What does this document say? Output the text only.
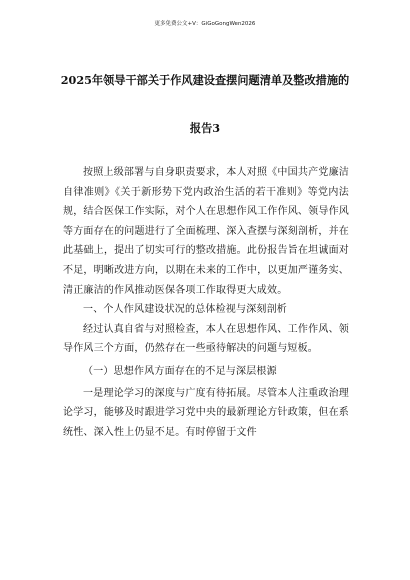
更多免费公文+V：GiGoGongWen2026
2025年领导干部关于作风建设查摆问题清单及整改措施的
报告3

按照上级部署与自身职责要求，本人对照《中国共产党廉洁自律准则》《关于新形势下党内政治生活的若干准则》等党内法规，结合医保工作实际，对个人在思想作风工作作风、领导作风等方面存在的问题进行了全面梳理、深入查摆与深刻剖析，并在此基础上，提出了切实可行的整改措施。此份报告旨在坦诚面对不足，明晰改进方向，以期在未来的工作中，以更加严谨务实、清正廉洁的作风推动医保各项工作取得更大成效。

一、个人作风建设状况的总体检视与深刻剖析

经过认真自省与对照检查，本人在思想作风、工作作风、领导作风三个方面，仍然存在一些亟待解决的问题与短板。

（一）思想作风方面存在的不足与深层根源

一是理论学习的深度与广度有待拓展。尽管本人注重政治理论学习，能够及时跟进学习党中央的最新理论方针政策，但在系统性、深入性上仍显不足。有时停留于文件
